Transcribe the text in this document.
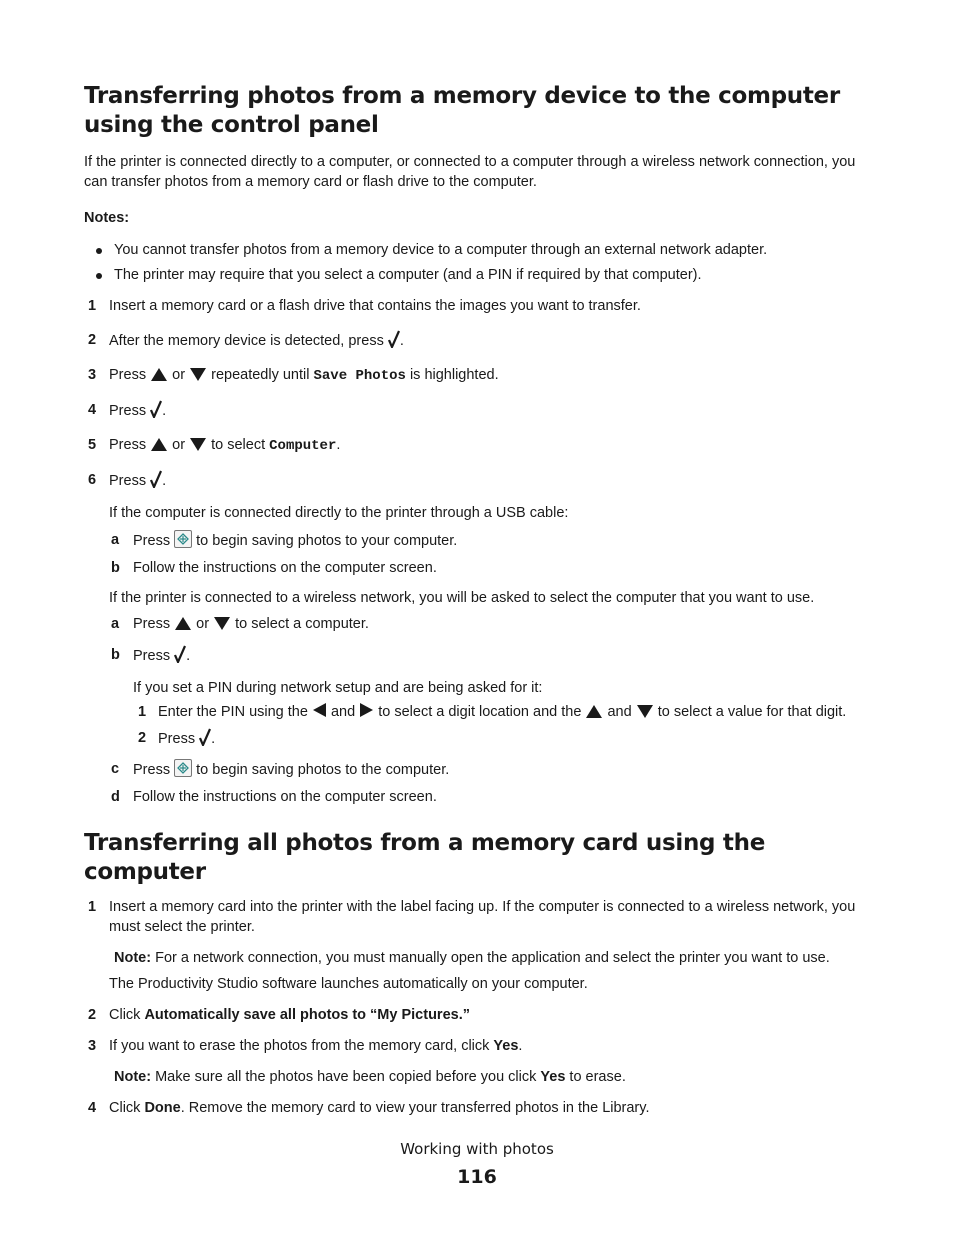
Transferring photos from a memory device to the computer using the control panel

If the printer is connected directly to a computer, or connected to a computer through a wireless network connection, you can transfer photos from a memory card or flash drive to the computer.

Notes:

You cannot transfer photos from a memory device to a computer through an external network adapter.
The printer may require that you select a computer (and a PIN if required by that computer).
1 Insert a memory card or a flash drive that contains the images you want to transfer.
2 After the memory device is detected, press .
3 Press or repeatedly until Save Photos is highlighted.
4 Press .
5 Press or to select Computer.
6 Press .

If the computer is connected directly to the printer through a USB cable:

a Press to begin saving photos to your computer.
b Follow the instructions on the computer screen.

If the printer is connected to a wireless network, you will be asked to select the computer that you want to use.

a Press or to select a computer.
b Press .

If you set a PIN during network setup and are being asked for it:

1 Enter the PIN using the and to select a digit location and the and to select a value for that digit.
2 Press .
c Press to begin saving photos to the computer.
d Follow the instructions on the computer screen.
Transferring all photos from a memory card using the computer
1 Insert a memory card into the printer with the label facing up. If the computer is connected to a wireless network, you must select the printer.

Note: For a network connection, you must manually open the application and select the printer you want to use.

The Productivity Studio software launches automatically on your computer.

2 Click Automatically save all photos to “My Pictures.”
3 If you want to erase the photos from the memory card, click Yes.

Note: Make sure all the photos have been copied before you click Yes to erase.

4 Click Done. Remove the memory card to view your transferred photos in the Library.
Working with photos
116
